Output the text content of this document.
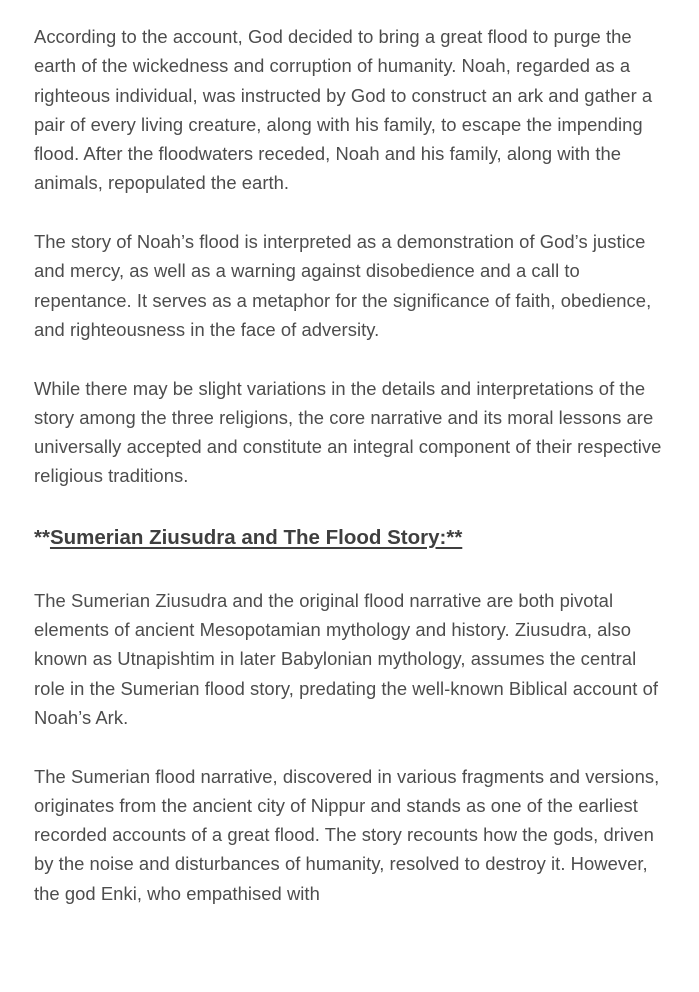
According to the account, God decided to bring a great flood to purge the earth of the wickedness and corruption of humanity. Noah, regarded as a righteous individual, was instructed by God to construct an ark and gather a pair of every living creature, along with his family, to escape the impending flood. After the floodwaters receded, Noah and his family, along with the animals, repopulated the earth.

The story of Noah’s flood is interpreted as a demonstration of God’s justice and mercy, as well as a warning against disobedience and a call to repentance. It serves as a metaphor for the significance of faith, obedience, and righteousness in the face of adversity.

While there may be slight variations in the details and interpretations of the story among the three religions, the core narrative and its moral lessons are universally accepted and constitute an integral component of their respective religious traditions.

**Sumerian Ziusudra and The Flood Story:**

The Sumerian Ziusudra and the original flood narrative are both pivotal elements of ancient Mesopotamian mythology and history. Ziusudra, also known as Utnapishtim in later Babylonian mythology, assumes the central role in the Sumerian flood story, predating the well-known Biblical account of Noah’s Ark.

The Sumerian flood narrative, discovered in various fragments and versions, originates from the ancient city of Nippur and stands as one of the earliest recorded accounts of a great flood. The story recounts how the gods, driven by the noise and disturbances of humanity, resolved to destroy it. However, the god Enki, who empathised with
